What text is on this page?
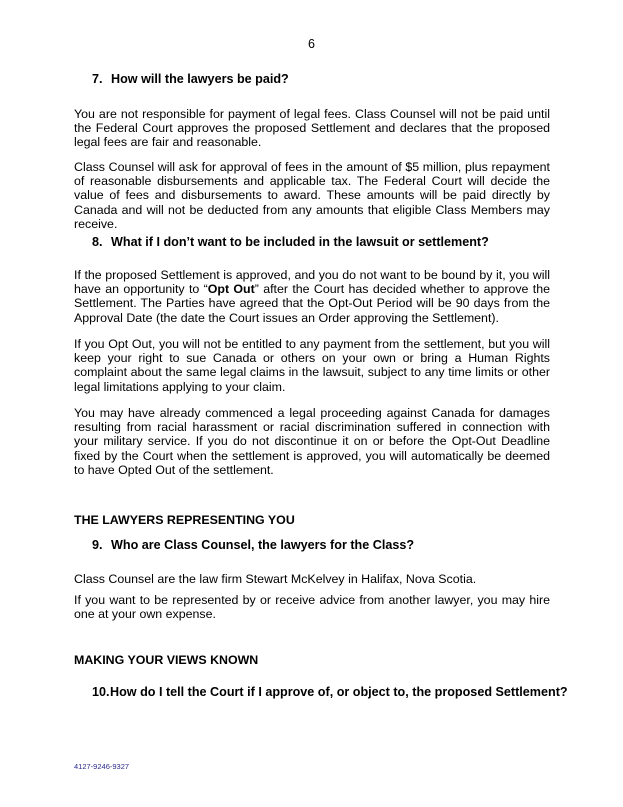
6
7. How will the lawyers be paid?

You are not responsible for payment of legal fees. Class Counsel will not be paid until the Federal Court approves the proposed Settlement and declares that the proposed legal fees are fair and reasonable.

Class Counsel will ask for approval of fees in the amount of $5 million, plus repayment of reasonable disbursements and applicable tax. The Federal Court will decide the value of fees and disbursements to award. These amounts will be paid directly by Canada and will not be deducted from any amounts that eligible Class Members may receive.

8. What if I don’t want to be included in the lawsuit or settlement?

If the proposed Settlement is approved, and you do not want to be bound by it, you will have an opportunity to “Opt Out” after the Court has decided whether to approve the Settlement. The Parties have agreed that the Opt-Out Period will be 90 days from the Approval Date (the date the Court issues an Order approving the Settlement).

If you Opt Out, you will not be entitled to any payment from the settlement, but you will keep your right to sue Canada or others on your own or bring a Human Rights complaint about the same legal claims in the lawsuit, subject to any time limits or other legal limitations applying to your claim.

You may have already commenced a legal proceeding against Canada for damages resulting from racial harassment or racial discrimination suffered in connection with your military service. If you do not discontinue it on or before the Opt-Out Deadline fixed by the Court when the settlement is approved, you will automatically be deemed to have Opted Out of the settlement.

THE LAWYERS REPRESENTING YOU
9. Who are Class Counsel, the lawyers for the Class?

Class Counsel are the law firm Stewart McKelvey in Halifax, Nova Scotia.

If you want to be represented by or receive advice from another lawyer, you may hire one at your own expense.

MAKING YOUR VIEWS KNOWN
10.How do I tell the Court if I approve of, or object to, the proposed Settlement?
4127-9246-9327
